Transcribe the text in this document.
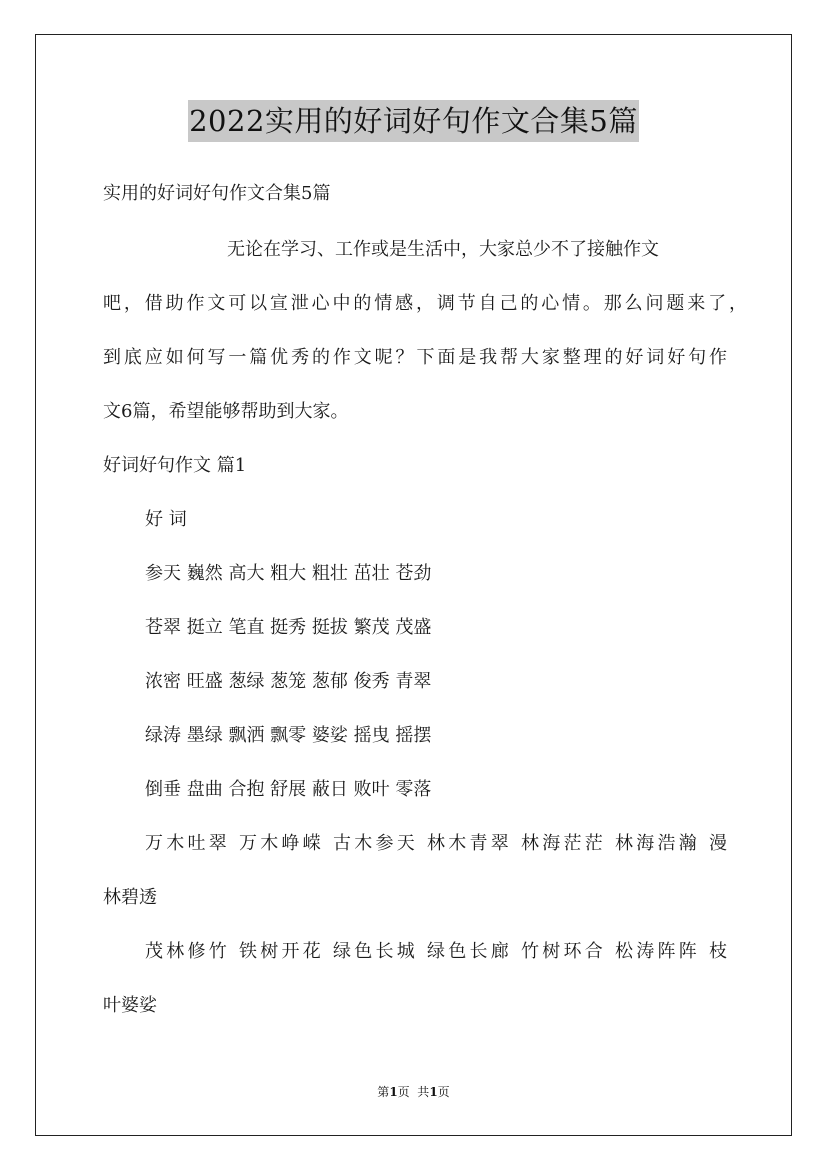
2022实用的好词好句作文合集5篇
实用的好词好句作文合集5篇
无论在学习、工作或是生活中，大家总少不了接触作文
吧，借助作文可以宣泄心中的情感，调节自己的心情。那么问题来了，
到底应如何写一篇优秀的作文呢？下面是我帮大家整理的好词好句作
文6篇，希望能够帮助到大家。
好词好句作文 篇1
好 词
参天 巍然 高大 粗大 粗壮 茁壮 苍劲
苍翠 挺立 笔直 挺秀 挺拔 繁茂 茂盛
浓密 旺盛 葱绿 葱笼 葱郁 俊秀 青翠
绿涛 墨绿 飘洒 飘零 婆娑 摇曳 摇摆
倒垂 盘曲 合抱 舒展 蔽日 败叶 零落
万木吐翠 万木峥嵘 古木参天 林木青翠 林海茫茫 林海浩瀚 漫
林碧透
茂林修竹 铁树开花 绿色长城 绿色长廊 竹树环合 松涛阵阵 枝
叶婆娑
第1页  共1页
